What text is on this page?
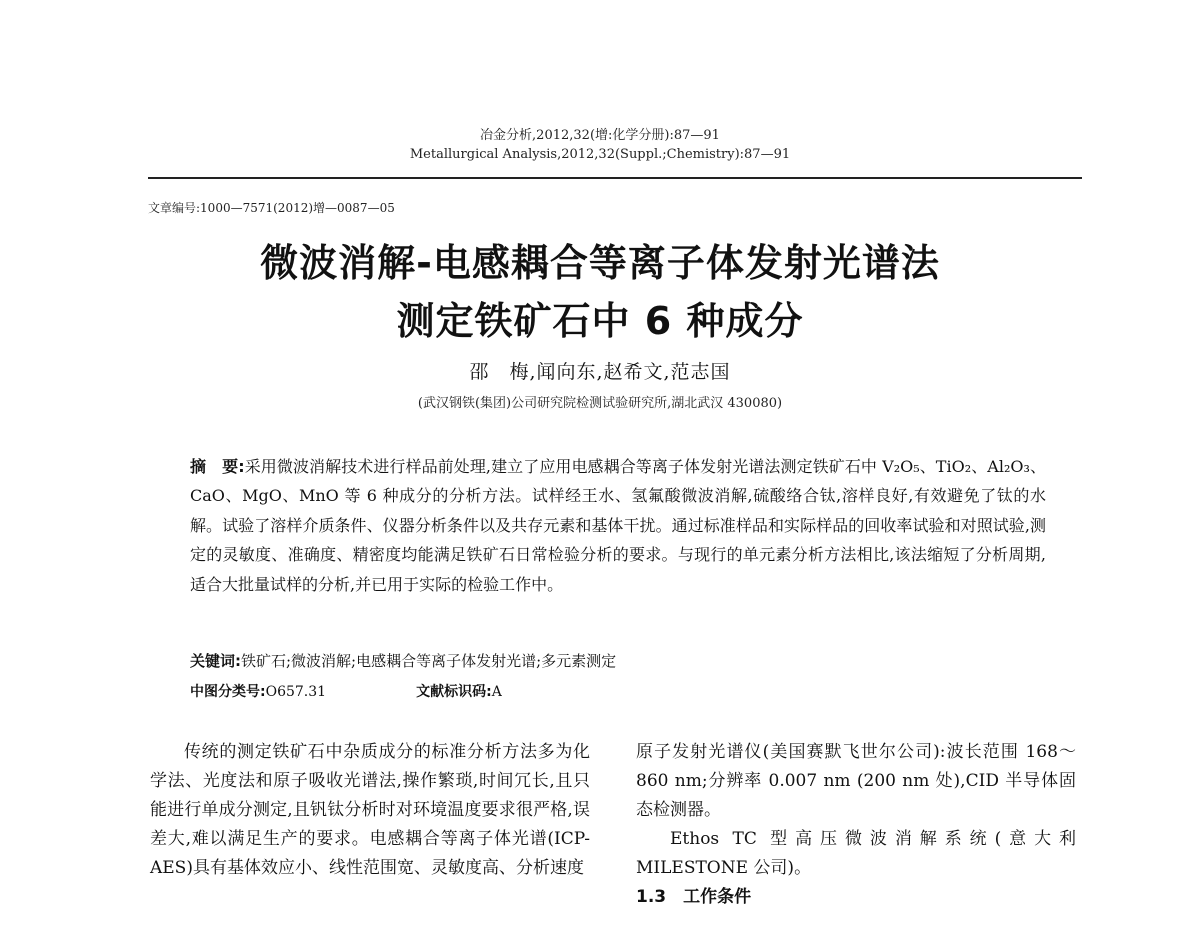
冶金分析,2012,32(增:化学分册):87—91
Metallurgical Analysis,2012,32(Suppl.;Chemistry):87—91
文章编号:1000—7571(2012)增—0087—05
微波消解-电感耦合等离子体发射光谱法
测定铁矿石中 6 种成分
邵　梅,闻向东,赵希文,范志国
(武汉钢铁(集团)公司研究院检测试验研究所,湖北武汉 430080)
摘　要:采用微波消解技术进行样品前处理,建立了应用电感耦合等离子体发射光谱法测定铁矿石中 V₂O₅、TiO₂、Al₂O₃、CaO、MgO、MnO 等 6 种成分的分析方法。试样经王水、氢氟酸微波消解,硫酸络合钛,溶样良好,有效避免了钛的水解。试验了溶样介质条件、仪器分析条件以及共存元素和基体干扰。通过标准样品和实际样品的回收率试验和对照试验,测定的灵敏度、准确度、精密度均能满足铁矿石日常检验分析的要求。与现行的单元素分析方法相比,该法缩短了分析周期,适合大批量试样的分析,并已用于实际的检验工作中。
关键词:铁矿石;微波消解;电感耦合等离子体发射光谱;多元素测定
中图分类号:O657.31	文献标识码:A

传统的测定铁矿石中杂质成分的标准分析方法多为化学法、光度法和原子吸收光谱法,操作繁琐,时间冗长,且只能进行单成分测定,且钒钛分析时对环境温度要求很严格,误差大,难以满足生产的要求。电感耦合等离子体光谱(ICP-AES)具有基体效应小、线性范围宽、灵敏度高、分析速度

原子发射光谱仪(美国赛默飞世尔公司):波长范围 168～860 nm;分辨率 0.007 nm (200 nm 处),CID 半导体固态检测器。

Ethos TC 型高压微波消解系统(意大利 MILESTONE 公司)。

1.3　工作条件
